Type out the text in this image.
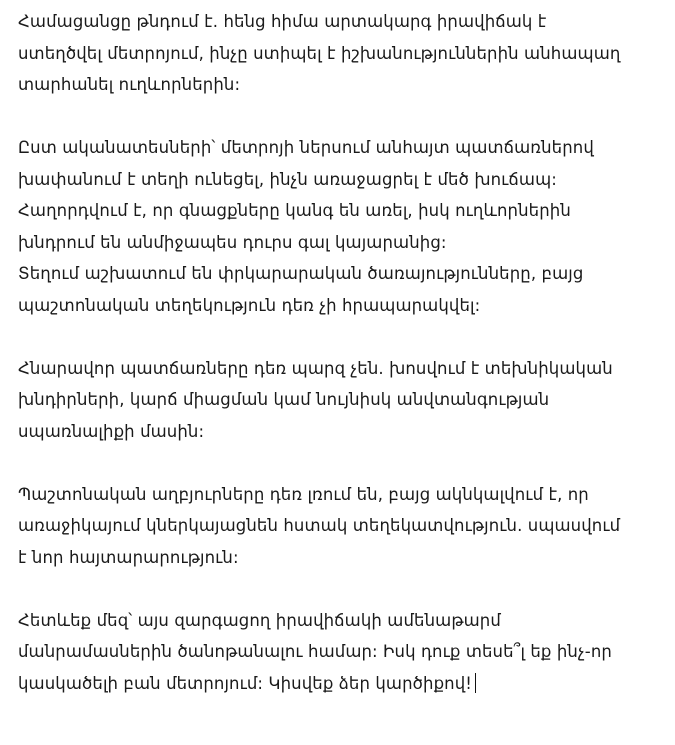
Համացանցը թնդում է. հենց հիմա արտակարգ իրավիճակ է
ստեղծվել մետրոյում, ինչը ստիպել է իշխանություններին անհապաղ
տարհանել ուղևորներին:

Ըստ ականատեսների՝ մետրոյի ներսում անհայտ պատճառներով
խափանում է տեղի ունեցել, ինչն առաջացրել է մեծ խուճապ:
Հաղորդվում է, որ գնացքները կանգ են առել, իսկ ուղևորներին
խնդրում են անմիջապես դուրս գալ կայարանից:
Տեղում աշխատում են փրկարարական ծառայությունները, բայց
պաշտոնական տեղեկություն դեռ չի հրապարակվել:

Հնարավոր պատճառները դեռ պարզ չեն. խոսվում է տեխնիկական
խնդիրների, կարճ միացման կամ նույնիսկ անվտանգության
սպառնալիքի մասին:

Պաշտոնական աղբյուրները դեռ լռում են, բայց ակնկալվում է, որ
առաջիկայում կներկայացնեն հստակ տեղեկատվություն. սպասվում
է նոր հայտարարություն:

Հետևեք մեզ՝ այս զարգացող իրավիճակի ամենաթարմ
մանրամասներին ծանոթանալու համար: Իսկ դուք տեսե՞լ եք ինչ-որ
կասկածելի բան մետրոյում: Կիսվեք ձեր կարծիքով!
